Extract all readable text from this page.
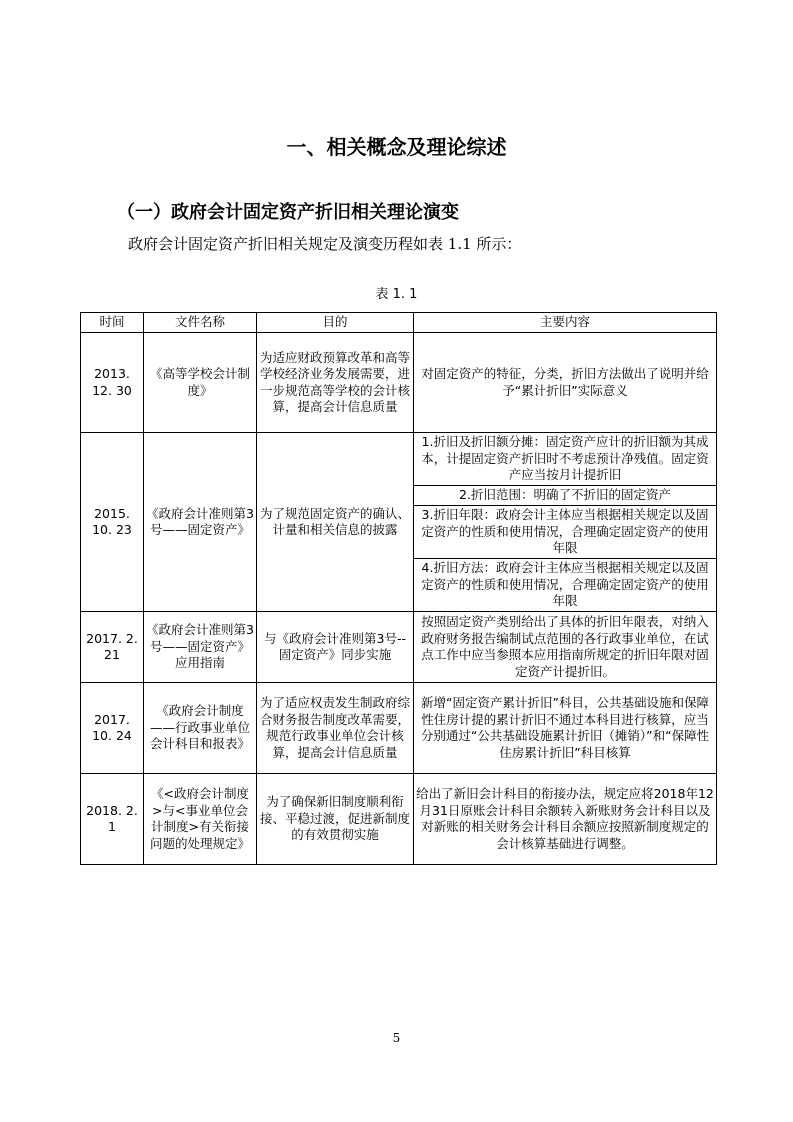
一、相关概念及理论综述
（一）政府会计固定资产折旧相关理论演变
政府会计固定资产折旧相关规定及演变历程如表 1.1 所示：
表 1. 1
时间	文件名称	目的	主要内容
2013. 12. 30	《高等学校会计制度》	为适应财政预算改革和高等学校经济业务发展需要，进一步规范高等学校的会计核算，提高会计信息质量	对固定资产的特征，分类，折旧方法做出了说明并给予“累计折旧”实际意义
2015. 10. 23	《政府会计准则第3号——固定资产》	为了规范固定资产的确认、计量和相关信息的披露	1.折旧及折旧额分摊：固定资产应计的折旧额为其成本，计提固定资产折旧时不考虑预计净残值。固定资产应当按月计提折旧
			2.折旧范围：明确了不折旧的固定资产
			3.折旧年限：政府会计主体应当根据相关规定以及固定资产的性质和使用情况，合理确定固定资产的使用年限
			4.折旧方法：政府会计主体应当根据相关规定以及固定资产的性质和使用情况，合理确定固定资产的使用年限
2017. 2. 21	《政府会计准则第3号——固定资产》应用指南	与《政府会计准则第3号--固定资产》同步实施	按照固定资产类别给出了具体的折旧年限表，对纳入政府财务报告编制试点范围的各行政事业单位，在试点工作中应当参照本应用指南所规定的折旧年限对固定资产计提折旧。
2017. 10. 24	《政府会计制度——行政事业单位会计科目和报表》	为了适应权责发生制政府综合财务报告制度改革需要，规范行政事业单位会计核算，提高会计信息质量	新增“固定资产累计折旧”科目，公共基础设施和保障性住房计提的累计折旧不通过本科目进行核算，应当分别通过“公共基础设施累计折旧（摊销）”和“保障性住房累计折旧”科目核算
2018. 2. 1	《<政府会计制度>与<事业单位会计制度>有关衔接问题的处理规定》	为了确保新旧制度顺利衔接、平稳过渡，促进新制度的有效贯彻实施	给出了新旧会计科目的衔接办法，规定应将2018年12月31日原账会计科目余额转入新账财务会计科目以及对新账的相关财务会计科目余额应按照新制度规定的会计核算基础进行调整。
5
